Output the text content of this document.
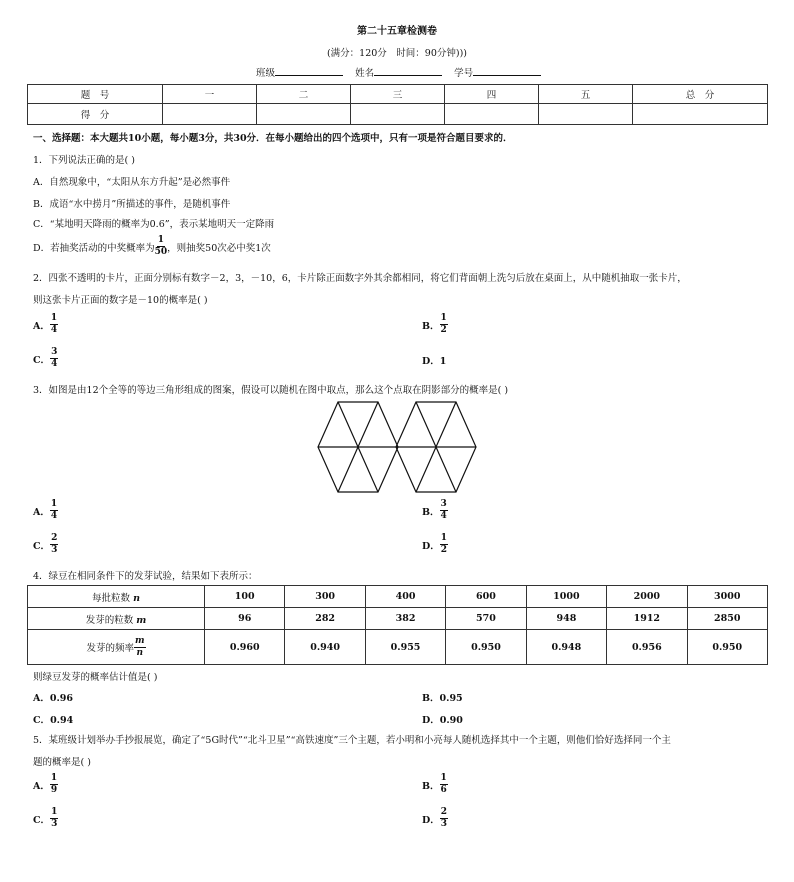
第二十五章检测卷
(满分：120分　时间：90分钟)))
班级	姓名	学号
题　号	一	二	三	四	五	总　分
得　分						
一、选择题：本大题共10小题，每小题3分，共30分．在每小题给出的四个选项中，只有一项是符合题目要求的．
1．下列说法正确的是( )
A．自然现象中，“太阳从东方升起”是必然事件
B．成语“水中捞月”所描述的事件，是随机事件
C．“某地明天降雨的概率为0.6”，表示某地明天一定降雨
D．若抽奖活动的中奖概率为 $\frac{1}{50}$ ，则抽奖50次必中奖1次
2．四张不透明的卡片，正面分别标有数字－2，3，－10，6，卡片除正面数字外其余都相同，将它们背面朝上洗匀后放在桌面上，从中随机抽取一张卡片，
则这张卡片正面的数字是－10的概率是( )
A． $\frac{1}{4}$	B． $\frac{1}{2}$
C． $\frac{3}{4}$	D．1
3．如图是由12个全等的等边三角形组成的图案，假设可以随机在图中取点，那么这个点取在阴影部分的概率是( )
A． $\frac{1}{4}$	B． $\frac{3}{4}$
C． $\frac{2}{3}$	D． $\frac{1}{2}$
4．绿豆在相同条件下的发芽试验，结果如下表所示：
每批粒数 n	100	300	400	600	1000	2000	3000
发芽的粒数 m	96	282	382	570	948	1912	2850

发芽的频率 $\frac{m}{n}$	0.960	0.940	0.955	0.950	0.948	0.956	0.950
则绿豆发芽的概率估计值是( )
A．0.96	B．0.95
C．0.94	D．0.90
5．某班级计划举办手抄报展览，确定了“5G时代”“北斗卫星”“高铁速度”三个主题，若小明和小亮每人随机选择其中一个主题，则他们恰好选择同一个主
题的概率是( )
A． $\frac{1}{9}$	B． $\frac{1}{6}$
C． $\frac{1}{3}$	D． $\frac{2}{3}$
